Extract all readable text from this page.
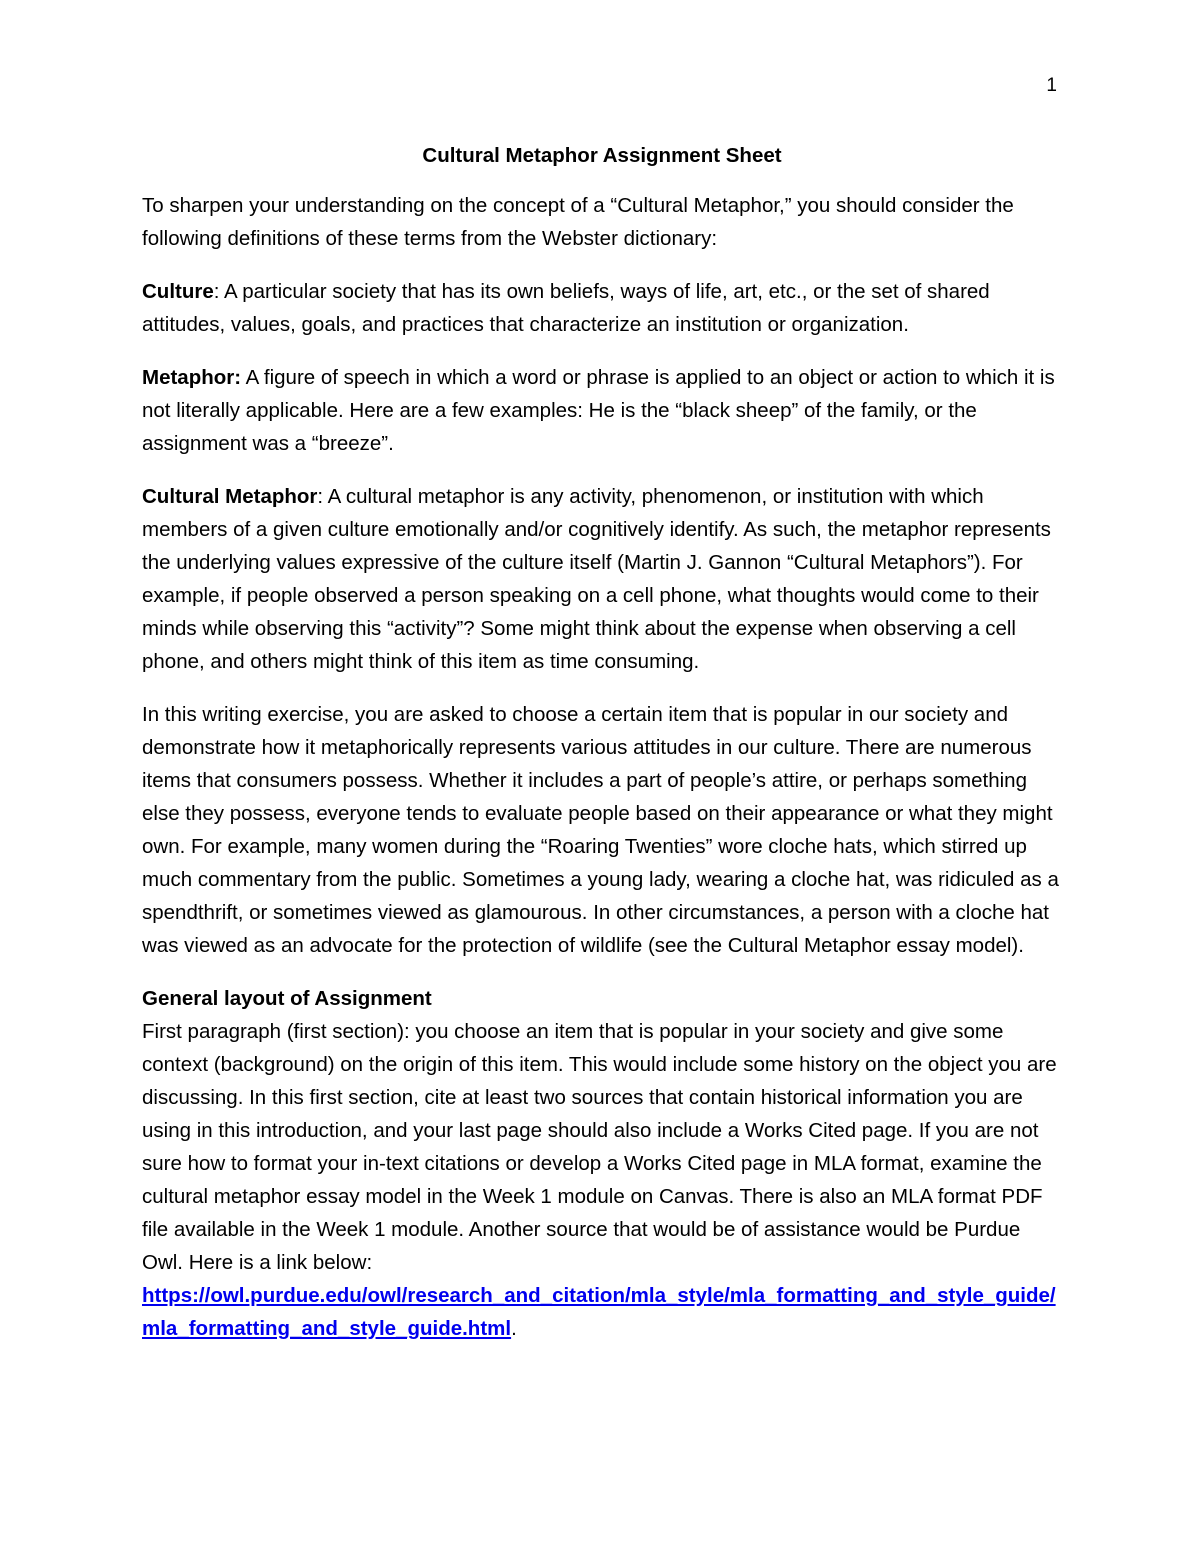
1
Cultural Metaphor Assignment Sheet

To sharpen your understanding on the concept of a “Cultural Metaphor,” you should consider the following definitions of these terms from the Webster dictionary:

Culture: A particular society that has its own beliefs, ways of life, art, etc., or the set of shared attitudes, values, goals, and practices that characterize an institution or organization.

Metaphor: A figure of speech in which a word or phrase is applied to an object or action to which it is not literally applicable. Here are a few examples: He is the “black sheep” of the family, or the assignment was a “breeze”.

Cultural Metaphor: A cultural metaphor is any activity, phenomenon, or institution with which members of a given culture emotionally and/or cognitively identify. As such, the metaphor represents the underlying values expressive of the culture itself (Martin J. Gannon “Cultural Metaphors”). For example, if people observed a person speaking on a cell phone, what thoughts would come to their minds while observing this “activity”? Some might think about the expense when observing a cell phone, and others might think of this item as time consuming.

In this writing exercise, you are asked to choose a certain item that is popular in our society and demonstrate how it metaphorically represents various attitudes in our culture. There are numerous items that consumers possess. Whether it includes a part of people’s attire, or perhaps something else they possess, everyone tends to evaluate people based on their appearance or what they might own. For example, many women during the “Roaring Twenties” wore cloche hats, which stirred up much commentary from the public. Sometimes a young lady, wearing a cloche hat, was ridiculed as a spendthrift, or sometimes viewed as glamourous. In other circumstances, a person with a cloche hat was viewed as an advocate for the protection of wildlife (see the Cultural Metaphor essay model).

General layout of Assignment
First paragraph (first section): you choose an item that is popular in your society and give some context (background) on the origin of this item. This would include some history on the object you are discussing. In this first section, cite at least two sources that contain historical information you are using in this introduction, and your last page should also include a Works Cited page. If you are not sure how to format your in-text citations or develop a Works Cited page in MLA format, examine the cultural metaphor essay model in the Week 1 module on Canvas. There is also an MLA format PDF file available in the Week 1 module. Another source that would be of assistance would be Purdue Owl. Here is a link below:
https://owl.purdue.edu/owl/research_and_citation/mla_style/mla_formatting_and_style_guide/mla_formatting_and_style_guide.html.
